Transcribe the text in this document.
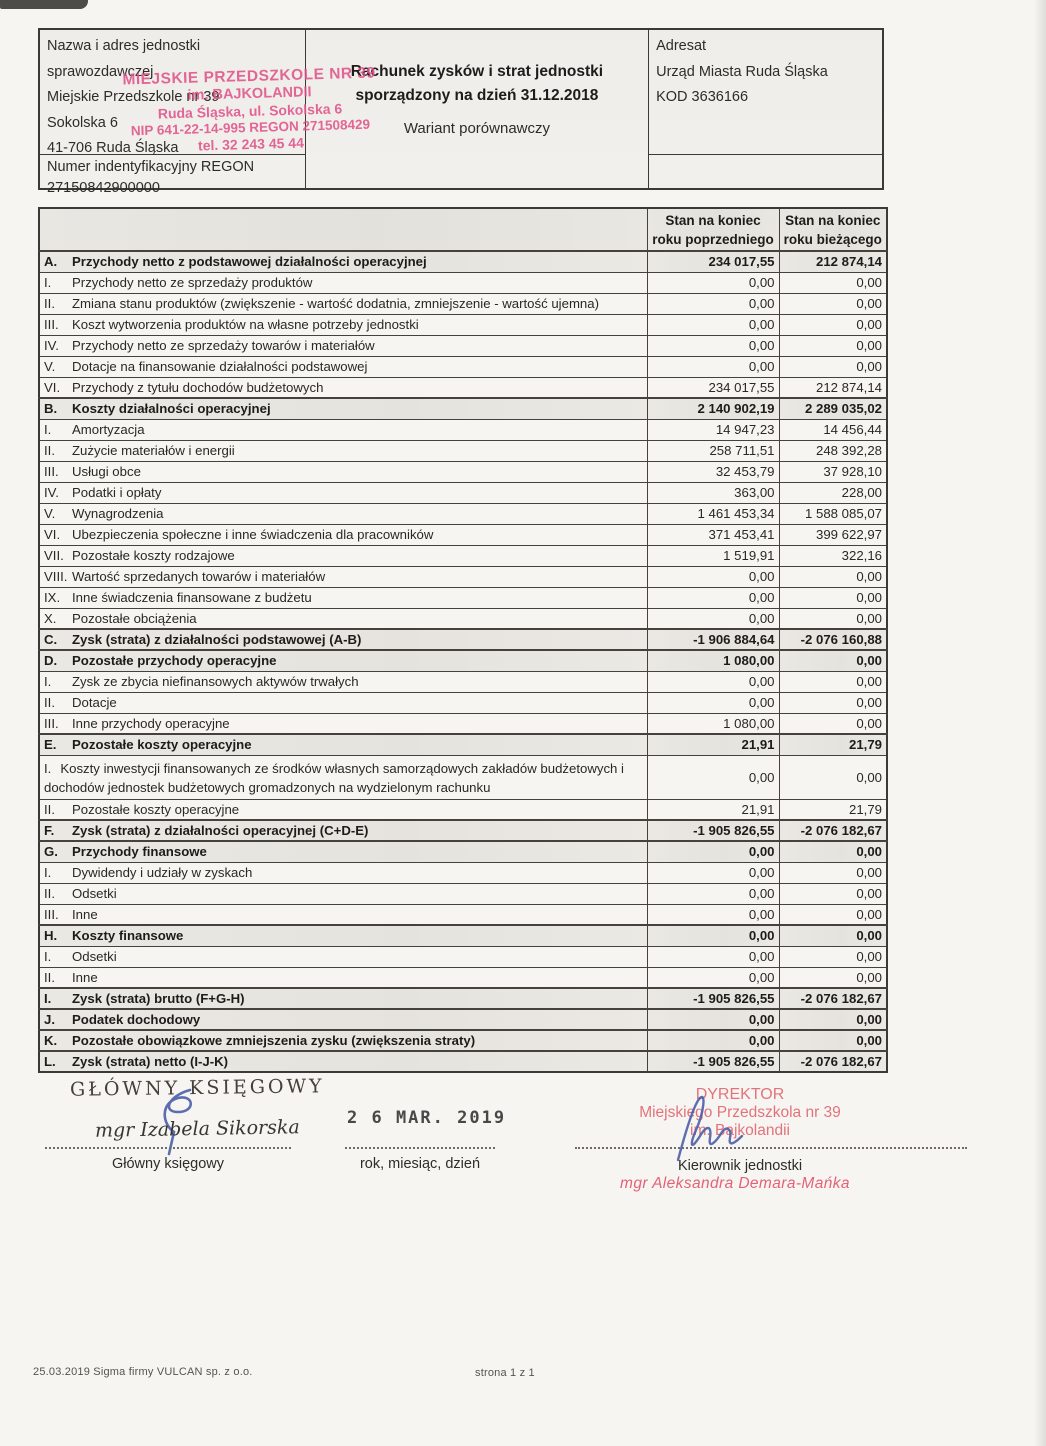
Nazwa i adres jednostki sprawozdawczej
Miejskie Przedszkole nr 39
Sokolska 6
41-706 Ruda Śląska
Numer indentyfikacyjny REGON
27150842900000
MIEJSKIE PRZEDSZKOLE NR 39
im. BAJKOLANDII
Ruda Śląska, ul. Sokolska 6
NIP 641-22-14-995 REGON 271508429
tel. 32 243 45 44
Rachunek zysków i strat jednostki
sporządzony na dzień 31.12.2018
Wariant porównawczy
Adresat
Urząd Miasta Ruda Śląska
KOD 3636166

Stan na koniec
roku poprzedniego

Stan na koniec
roku bieżącego

A. Przychody netto z podstawowej działalności operacyjnej	234 017,55	212 874,14
I. Przychody netto ze sprzedaży produktów	0,00	0,00
II. Zmiana stanu produktów (zwiększenie - wartość dodatnia, zmniejszenie - wartość ujemna)	0,00	0,00
III. Koszt wytworzenia produktów na własne potrzeby jednostki	0,00	0,00
IV. Przychody netto ze sprzedaży towarów i materiałów	0,00	0,00
V. Dotacje na finansowanie działalności podstawowej	0,00	0,00
VI. Przychody z tytułu dochodów budżetowych	234 017,55	212 874,14
B. Koszty działalności operacyjnej	2 140 902,19	2 289 035,02
I. Amortyzacja	14 947,23	14 456,44
II. Zużycie materiałów i energii	258 711,51	248 392,28
III. Usługi obce	32 453,79	37 928,10
IV. Podatki i opłaty	363,00	228,00
V. Wynagrodzenia	1 461 453,34	1 588 085,07
VI. Ubezpieczenia społeczne i inne świadczenia dla pracowników	371 453,41	399 622,97
VII. Pozostałe koszty rodzajowe	1 519,91	322,16
VIII. Wartość sprzedanych towarów i materiałów	0,00	0,00
IX. Inne świadczenia finansowane z budżetu	0,00	0,00
X. Pozostałe obciążenia	0,00	0,00
C. Zysk (strata) z działalności podstawowej (A-B)	-1 906 884,64	-2 076 160,88
D. Pozostałe przychody operacyjne	1 080,00	0,00
I. Zysk ze zbycia niefinansowych aktywów trwałych	0,00	0,00
II. Dotacje	0,00	0,00
III. Inne przychody operacyjne	1 080,00	0,00
E. Pozostałe koszty operacyjne	21,91	21,79
I. Koszty inwestycji finansowanych ze środków własnych samorządowych zakładów budżetowych i dochodów jednostek budżetowych gromadzonych na wydzielonym rachunku	0,00	0,00
II. Pozostałe koszty operacyjne	21,91	21,79
F. Zysk (strata) z działalności operacyjnej (C+D-E)	-1 905 826,55	-2 076 182,67
G. Przychody finansowe	0,00	0,00
I. Dywidendy i udziały w zyskach	0,00	0,00
II. Odsetki	0,00	0,00
III. Inne	0,00	0,00
H. Koszty finansowe	0,00	0,00
I. Odsetki	0,00	0,00
II. Inne	0,00	0,00
I. Zysk (strata) brutto (F+G-H)	-1 905 826,55	-2 076 182,67
J. Podatek dochodowy	0,00	0,00
K. Pozostałe obowiązkowe zmniejszenia zysku (zwiększenia straty)	0,00	0,00
L. Zysk (strata) netto (I-J-K)	-1 905 826,55	-2 076 182,67
GŁÓWNY KSIĘGOWY
mgr Izabela Sikorska
Główny księgowy
2 6 MAR. 2019
rok, miesiąc, dzień
DYREKTOR
Miejskiego Przedszkola nr 39
im. Bajkolandii
Kierownik jednostki
mgr Aleksandra Demara-Mańka
25.03.2019 Sigma firmy VULCAN sp. z o.o.	strona 1 z 1
